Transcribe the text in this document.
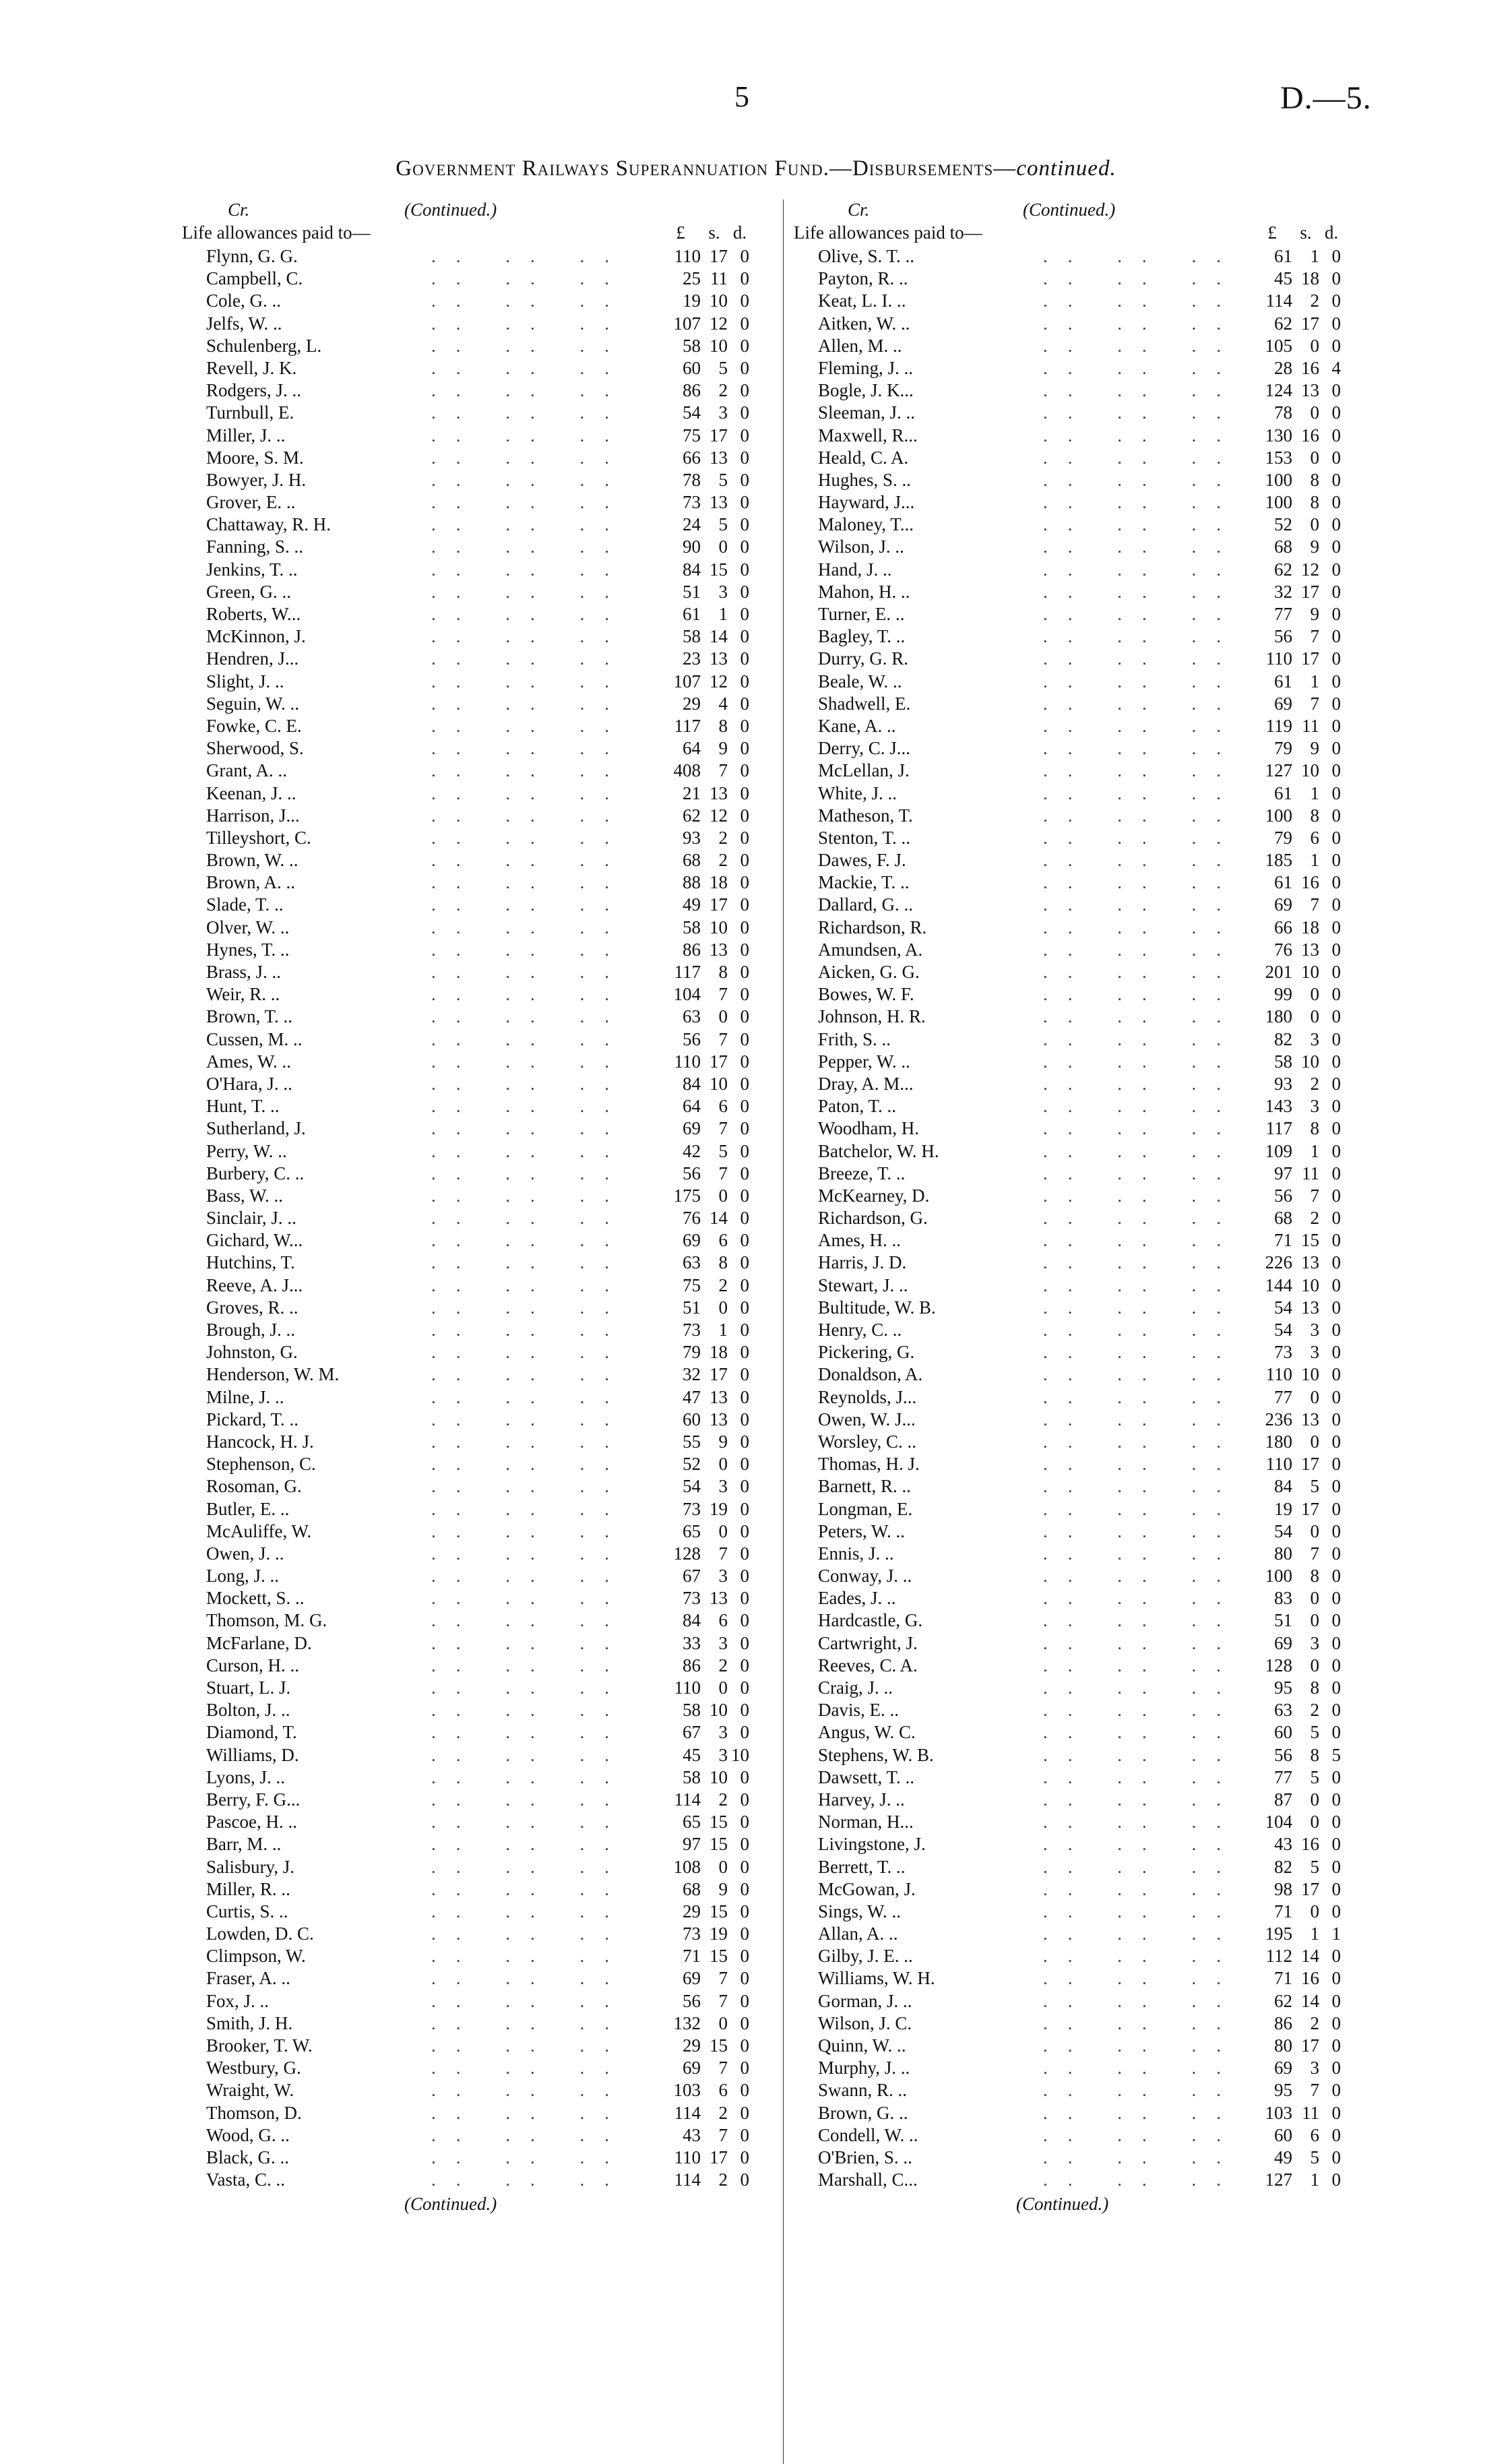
5	D.—5.
Government Railways Superannuation Fund.—Disbursements—continued.
Cr.	(Continued.)
Life allowances paid to—	£	s. d.
Flynn, G. G.	110 17 0
.. .. ..
Campbell, C.	25 11 0
.. .. ..
Cole, G. ..	19 10 0
.. .. ..
Jelfs, W. ..	107 12 0
.. .. ..
Schulenberg, L.	58 10 0
.. .. ..
Revell, J. K.	60 5 0
.. .. ..
Rodgers, J. ..	86 2 0
.. .. ..
Turnbull, E.	54 3 0
.. .. ..
Miller, J. ..	75 17 0
.. .. ..
Moore, S. M.	66 13 0
.. .. ..
Bowyer, J. H.	78 5 0
.. .. ..
Grover, E. ..	73 13 0
.. .. ..
Chattaway, R. H.	24 5 0
.. .. ..
Fanning, S. ..	90 0 0
.. .. ..
Jenkins, T. ..	84 15 0
.. .. ..
Green, G. ..	51 3 0
.. .. ..
Roberts, W...	61 1 0
.. .. ..
McKinnon, J.	58 14 0
.. .. ..
Hendren, J...	23 13 0
.. .. ..
Slight, J. ..	107 12 0
.. .. ..
Seguin, W. ..	29 4 0
.. .. ..
Fowke, C. E.	117 8 0
.. .. ..
Sherwood, S.	64 9 0
.. .. ..
Grant, A. ..	408 7 0
.. .. ..
Keenan, J. ..	21 13 0
.. .. ..
Harrison, J...	62 12 0
.. .. ..
Tilleyshort, C.	93 2 0
.. .. ..
Brown, W. ..	68 2 0
.. .. ..
Brown, A. ..	88 18 0
.. .. ..
Slade, T. ..	49 17 0
.. .. ..
Olver, W. ..	58 10 0
.. .. ..
Hynes, T. ..	86 13 0
.. .. ..
Brass, J. ..	117 8 0
.. .. ..
Weir, R. ..	104 7 0
.. .. ..
Brown, T. ..	63 0 0
.. .. ..
Cussen, M. ..	56 7 0
.. .. ..
Ames, W. ..	110 17 0
.. .. ..
O'Hara, J. ..	84 10 0
.. .. ..
Hunt, T. ..	64 6 0
.. .. ..
Sutherland, J.	69 7 0
.. .. ..
Perry, W. ..	42 5 0
.. .. ..
Burbery, C. ..	56 7 0
.. .. ..
Bass, W. ..	175 0 0
.. .. ..
Sinclair, J. ..	76 14 0
.. .. ..
Gichard, W...	69 6 0
.. .. ..
Hutchins, T.	63 8 0
.. .. ..
Reeve, A. J...	75 2 0
.. .. ..
Groves, R. ..	51 0 0
.. .. ..
Brough, J. ..	73 1 0
.. .. ..
Johnston, G.	79 18 0
.. .. ..
Henderson, W. M.	32 17 0
.. .. ..
Milne, J. ..	47 13 0
.. .. ..
Pickard, T. ..	60 13 0
.. .. ..
Hancock, H. J.	55 9 0
.. .. ..
Stephenson, C.	52 0 0
.. .. ..
Rosoman, G.	54 3 0
.. .. ..
Butler, E. ..	73 19 0
.. .. ..
McAuliffe, W.	65 0 0
.. .. ..
Owen, J. ..	128 7 0
.. .. ..
Long, J. ..	67 3 0
.. .. ..
Mockett, S. ..	73 13 0
.. .. ..
Thomson, M. G.	84 6 0
.. .. ..
McFarlane, D.	33 3 0
.. .. ..
Curson, H. ..	86 2 0
.. .. ..
Stuart, L. J.	110 0 0
.. .. ..
Bolton, J. ..	58 10 0
.. .. ..
Diamond, T.	67 3 0
.. .. ..
Williams, D.	45 3 10
.. .. ..
Lyons, J. ..	58 10 0
.. .. ..
Berry, F. G...	114 2 0
.. .. ..
Pascoe, H. ..	65 15 0
.. .. ..
Barr, M. ..	97 15 0
.. .. ..
Salisbury, J.	108 0 0
.. .. ..
Miller, R. ..	68 9 0
.. .. ..
Curtis, S. ..	29 15 0
.. .. ..
Lowden, D. C.	73 19 0
.. .. ..
Climpson, W.	71 15 0
.. .. ..
Fraser, A. ..	69 7 0
.. .. ..
Fox, J. ..	56 7 0
.. .. ..
Smith, J. H.	132 0 0
.. .. ..
Brooker, T. W.	29 15 0
.. .. ..
Westbury, G.	69 7 0
.. .. ..
Wraight, W.	103 6 0
.. .. ..
Thomson, D.	114 2 0
.. .. ..
Wood, G. ..	43 7 0
.. .. ..
Black, G. ..	110 17 0
.. .. ..
Vasta, C. ..	114 2 0
.. .. ..
(Continued.)
Cr.	(Continued.)
Life allowances paid to—	£	s. d.
Olive, S. T. ..	61 1 0
.. .. ..
Payton, R. ..	45 18 0
.. .. ..
Keat, L. I. ..	114 2 0
.. .. ..
Aitken, W. ..	62 17 0
.. .. ..
Allen, M. ..	105 0 0
.. .. ..
Fleming, J. ..	28 16 4
.. .. ..
Bogle, J. K...	124 13 0
.. .. ..
Sleeman, J. ..	78 0 0
.. .. ..
Maxwell, R...	130 16 0
.. .. ..
Heald, C. A.	153 0 0
.. .. ..
Hughes, S. ..	100 8 0
.. .. ..
Hayward, J...	100 8 0
.. .. ..
Maloney, T...	52 0 0
.. .. ..
Wilson, J. ..	68 9 0
.. .. ..
Hand, J. ..	62 12 0
.. .. ..
Mahon, H. ..	32 17 0
.. .. ..
Turner, E. ..	77 9 0
.. .. ..
Bagley, T. ..	56 7 0
.. .. ..
Durry, G. R.	110 17 0
.. .. ..
Beale, W. ..	61 1 0
.. .. ..
Shadwell, E.	69 7 0
.. .. ..
Kane, A. ..	119 11 0
.. .. ..
Derry, C. J...	79 9 0
.. .. ..
McLellan, J.	127 10 0
.. .. ..
White, J. ..	61 1 0
.. .. ..
Matheson, T.	100 8 0
.. .. ..
Stenton, T. ..	79 6 0
.. .. ..
Dawes, F. J.	185 1 0
.. .. ..
Mackie, T. ..	61 16 0
.. .. ..
Dallard, G. ..	69 7 0
.. .. ..
Richardson, R.	66 18 0
.. .. ..
Amundsen, A.	76 13 0
.. .. ..
Aicken, G. G.	201 10 0
.. .. ..
Bowes, W. F.	99 0 0
.. .. ..
Johnson, H. R.	180 0 0
.. .. ..
Frith, S. ..	82 3 0
.. .. ..
Pepper, W. ..	58 10 0
.. .. ..
Dray, A. M...	93 2 0
.. .. ..
Paton, T. ..	143 3 0
.. .. ..
Woodham, H.	117 8 0
.. .. ..
Batchelor, W. H.	109 1 0
.. .. ..
Breeze, T. ..	97 11 0
.. .. ..
McKearney, D.	56 7 0
.. .. ..
Richardson, G.	68 2 0
.. .. ..
Ames, H. ..	71 15 0
.. .. ..
Harris, J. D.	226 13 0
.. .. ..
Stewart, J. ..	144 10 0
.. .. ..
Bultitude, W. B.	54 13 0
.. .. ..
Henry, C. ..	54 3 0
.. .. ..
Pickering, G.	73 3 0
.. .. ..
Donaldson, A.	110 10 0
.. .. ..
Reynolds, J...	77 0 0
.. .. ..
Owen, W. J...	236 13 0
.. .. ..
Worsley, C. ..	180 0 0
.. .. ..
Thomas, H. J.	110 17 0
.. .. ..
Barnett, R. ..	84 5 0
.. .. ..
Longman, E.	19 17 0
.. .. ..
Peters, W. ..	54 0 0
.. .. ..
Ennis, J. ..	80 7 0
.. .. ..
Conway, J. ..	100 8 0
.. .. ..
Eades, J. ..	83 0 0
.. .. ..
Hardcastle, G.	51 0 0
.. .. ..
Cartwright, J.	69 3 0
.. .. ..
Reeves, C. A.	128 0 0
.. .. ..
Craig, J. ..	95 8 0
.. .. ..
Davis, E. ..	63 2 0
.. .. ..
Angus, W. C.	60 5 0
.. .. ..
Stephens, W. B.	56 8 5
.. .. ..
Dawsett, T. ..	77 5 0
.. .. ..
Harvey, J. ..	87 0 0
.. .. ..
Norman, H...	104 0 0
.. .. ..
Livingstone, J.	43 16 0
.. .. ..
Berrett, T. ..	82 5 0
.. .. ..
McGowan, J.	98 17 0
.. .. ..
Sings, W. ..	71 0 0
.. .. ..
Allan, A. ..	195 1 1
.. .. ..
Gilby, J. E. ..	112 14 0
.. .. ..
Williams, W. H.	71 16 0
.. .. ..
Gorman, J. ..	62 14 0
.. .. ..
Wilson, J. C.	86 2 0
.. .. ..
Quinn, W. ..	80 17 0
.. .. ..
Murphy, J. ..	69 3 0
.. .. ..
Swann, R. ..	95 7 0
.. .. ..
Brown, G. ..	103 11 0
.. .. ..
Condell, W. ..	60 6 0
.. .. ..
O'Brien, S. ..	49 5 0
.. .. ..
Marshall, C...	127 1 0
.. .. ..
(Continued.)
